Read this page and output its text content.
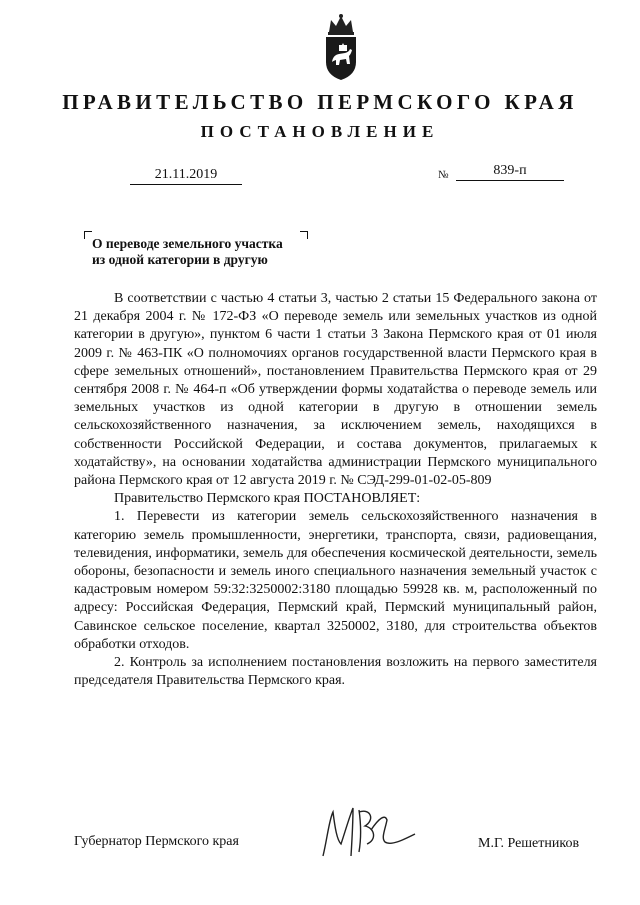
ПРАВИТЕЛЬСТВО ПЕРМСКОГО КРАЯ
ПОСТАНОВЛЕНИЕ
21.11.2019	№	839-п
О переводе земельного участка
из одной категории в другую

В соответствии с частью 4 статьи 3, частью 2 статьи 15 Федерального закона от 21 декабря 2004 г. № 172-ФЗ «О переводе земель или земельных участков из одной категории в другую», пунктом 6 части 1 статьи 3 Закона Пермского края от 01 июля 2009 г. № 463-ПК «О полномочиях органов государственной власти Пермского края в сфере земельных отношений», постановлением Правительства Пермского края от 29 сентября 2008 г. № 464-п «Об утверждении формы ходатайства о переводе земель или земельных участков из одной категории в другую в отношении земель сельскохозяйственного назначения, за исключением земель, находящихся в собственности Российской Федерации, и состава документов, прилагаемых к ходатайству», на основании ходатайства администрации Пермского муниципального района Пермского края от 12 августа 2019 г. № СЭД-299-01-02-05-809

Правительство Пермского края ПОСТАНОВЛЯЕТ:

1. Перевести из категории земель сельскохозяйственного назначения в категорию земель промышленности, энергетики, транспорта, связи, радиовещания, телевидения, информатики, земель для обеспечения космической деятельности, земель обороны, безопасности и земель иного специального назначения земельный участок с кадастровым номером 59:32:3250002:3180 площадью 59928 кв. м, расположенный по адресу: Российская Федерация, Пермский край, Пермский муниципальный район, Савинское сельское поселение, квартал 3250002, 3180, для строительства объектов обработки отходов.

2. Контроль за исполнением постановления возложить на первого заместителя председателя Правительства Пермского края.

Губернатор Пермского края	М.Г. Решетников
